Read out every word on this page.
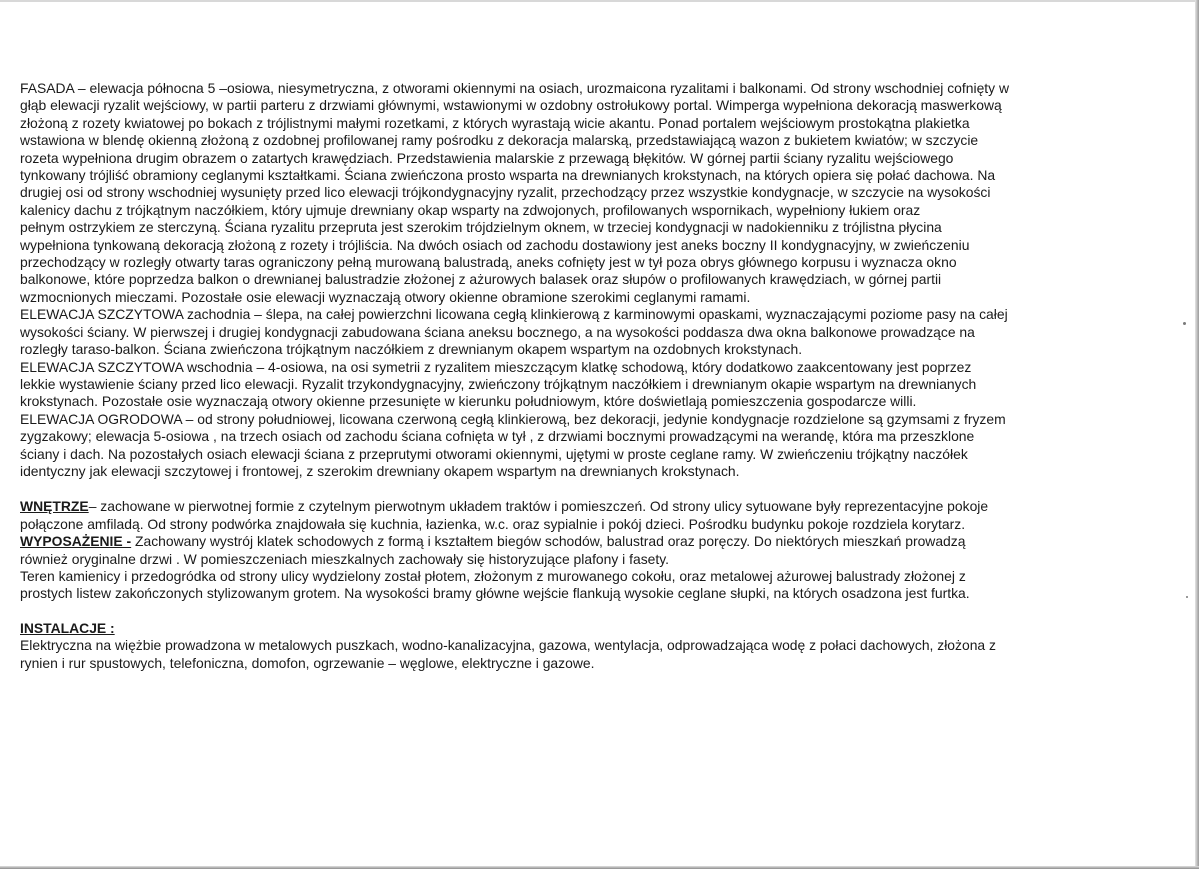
FASADA – elewacja północna 5 –osiowa, niesymetryczna, z otworami okiennymi na osiach, urozmaicona ryzalitami i balkonami. Od strony wschodniej cofnięty w

głąb elewacji ryzalit wejściowy, w partii parteru z drzwiami głównymi, wstawionymi w ozdobny ostrołukowy portal. Wimperga wypełniona dekoracją maswerkową

złożoną z rozety kwiatowej po bokach z trójlistnymi małymi rozetkami, z których wyrastają wicie akantu. Ponad portalem wejściowym prostokątna plakietka

wstawiona w blendę okienną złożoną z ozdobnej profilowanej ramy pośrodku z dekoracja malarską, przedstawiającą wazon z bukietem kwiatów; w szczycie

rozeta wypełniona drugim obrazem o zatartych krawędziach. Przedstawienia malarskie z przewagą błękitów. W górnej partii ściany ryzalitu wejściowego

tynkowany trójliść obramiony ceglanymi kształtkami. Ściana zwieńczona prosto wsparta na drewnianych krokstynach, na których opiera się połać dachowa. Na

drugiej osi od strony wschodniej wysunięty przed lico elewacji trójkondygnacyjny ryzalit, przechodzący przez wszystkie kondygnacje, w szczycie na wysokości

kalenicy dachu z trójkątnym naczółkiem, który ujmuje drewniany okap wsparty na zdwojonych, profilowanych wspornikach, wypełniony łukiem oraz

pełnym ostrzykiem ze sterczyną. Ściana ryzalitu przepruta jest szerokim trójdzielnym oknem, w trzeciej kondygnacji w nadokienniku z trójlistna płycina

wypełniona tynkowaną dekoracją złożoną z rozety i trójliścia. Na dwóch osiach od zachodu dostawiony jest aneks boczny II kondygnacyjny, w zwieńczeniu

przechodzący w rozległy otwarty taras ograniczony pełną murowaną balustradą, aneks cofnięty jest w tył poza obrys głównego korpusu i wyznacza okno

balkonowe, które poprzedza balkon o drewnianej balustradzie złożonej z ażurowych balasek oraz słupów o profilowanych krawędziach, w górnej partii

wzmocnionych mieczami. Pozostałe osie elewacji wyznaczają otwory okienne obramione szerokimi ceglanymi ramami.

ELEWACJA SZCZYTOWA zachodnia – ślepa, na całej powierzchni licowana cegłą klinkierową z karminowymi opaskami, wyznaczającymi poziome pasy na całej

wysokości ściany. W pierwszej i drugiej kondygnacji zabudowana ściana aneksu bocznego, a na wysokości poddasza dwa okna balkonowe prowadzące na

rozległy taraso-balkon. Ściana zwieńczona trójkątnym naczółkiem z drewnianym okapem wspartym na ozdobnych krokstynach.

ELEWACJA SZCZYTOWA wschodnia – 4-osiowa, na osi symetrii z ryzalitem mieszczącym klatkę schodową, który dodatkowo zaakcentowany jest poprzez

lekkie wystawienie ściany przed lico elewacji. Ryzalit trzykondygnacyjny, zwieńczony trójkątnym naczółkiem i drewnianym okapie wspartym na drewnianych

krokstynach. Pozostałe osie wyznaczają otwory okienne przesunięte w kierunku południowym, które doświetlają pomieszczenia gospodarcze willi.

ELEWACJA OGRODOWA – od strony południowej, licowana czerwoną cegłą klinkierową, bez dekoracji, jedynie kondygnacje rozdzielone są gzymsami z fryzem

zygzakowy; elewacja 5-osiowa , na trzech osiach od zachodu ściana cofnięta w tył , z drzwiami bocznymi prowadzącymi na werandę, która ma przeszklone

ściany i dach. Na pozostałych osiach elewacji ściana z przeprutymi otworami okiennymi, ujętymi w proste ceglane ramy. W zwieńczeniu trójkątny naczółek

identyczny jak elewacji szczytowej i frontowej, z szerokim drewniany okapem wspartym na drewnianych krokstynach.

WNĘTRZE– zachowane w pierwotnej formie z czytelnym pierwotnym układem traktów i pomieszczeń. Od strony ulicy sytuowane były reprezentacyjne pokoje

połączone amfiladą. Od strony podwórka znajdowała się kuchnia, łazienka, w.c. oraz sypialnie i pokój dzieci. Pośrodku budynku pokoje rozdziela korytarz.

WYPOSAŻENIE - Zachowany wystrój klatek schodowych z formą i kształtem biegów schodów, balustrad oraz poręczy. Do niektórych mieszkań prowadzą

również oryginalne drzwi . W pomieszczeniach mieszkalnych zachowały się historyzujące plafony i fasety.

Teren kamienicy i przedogródka od strony ulicy wydzielony został płotem, złożonym z murowanego cokołu, oraz metalowej ażurowej balustrady złożonej z

prostych listew zakończonych stylizowanym grotem. Na wysokości bramy główne wejście flankują wysokie ceglane słupki, na których osadzona jest furtka.

INSTALACJE :

Elektryczna na więżbie prowadzona w metalowych puszkach, wodno-kanalizacyjna, gazowa, wentylacja, odprowadzająca wodę z połaci dachowych, złożona z

rynien i rur spustowych, telefoniczna, domofon, ogrzewanie – węglowe, elektryczne i gazowe.
